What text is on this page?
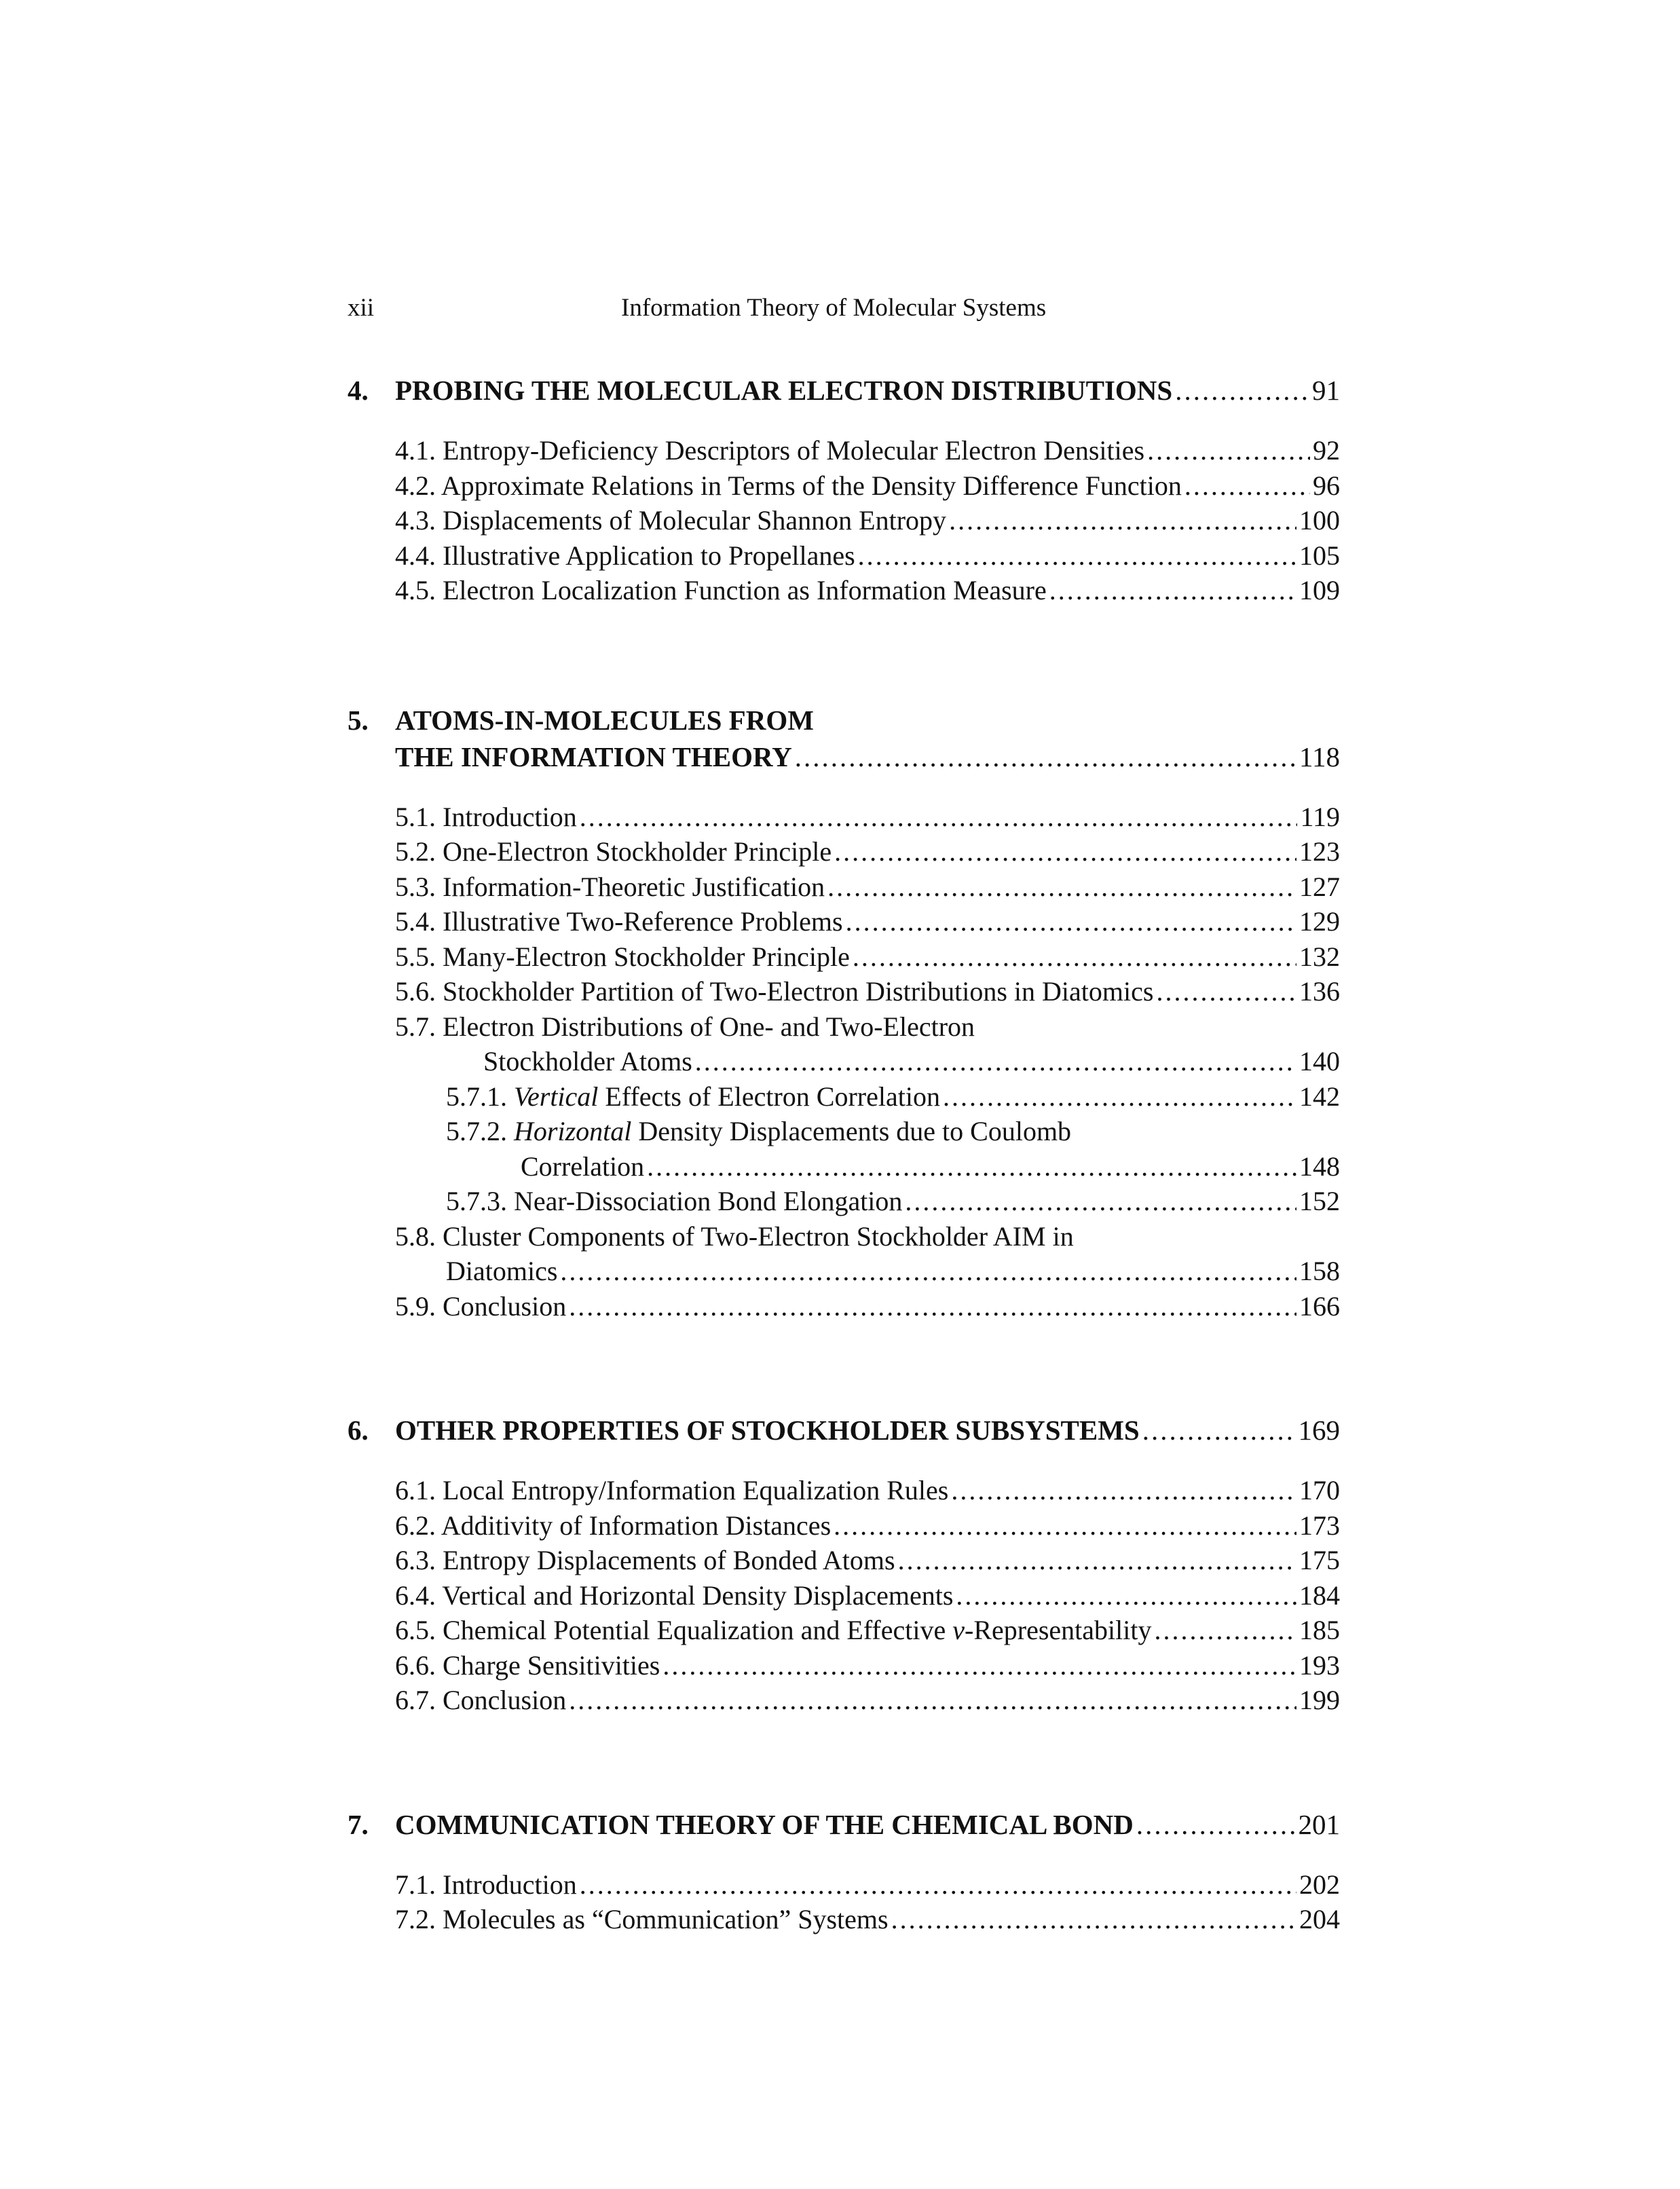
xii	Information Theory of Molecular Systems
4. PROBING THE MOLECULAR ELECTRON DISTRIBUTIONS .....	91
4.1. Entropy-Deficiency Descriptors of Molecular Electron Densities .....	92
4.2. Approximate Relations in Terms of the Density Difference Function .....	96
4.3. Displacements of Molecular Shannon Entropy .....	100
4.4. Illustrative Application to Propellanes .....	105
4.5. Electron Localization Function as Information Measure .....	109
5. ATOMS-IN-MOLECULES FROM
THE INFORMATION THEORY .....	118
5.1. Introduction .....	119
5.2. One-Electron Stockholder Principle .....	123
5.3. Information-Theoretic Justification .....	127
5.4. Illustrative Two-Reference Problems .....	129
5.5. Many-Electron Stockholder Principle .....	132
5.6. Stockholder Partition of Two-Electron Distributions in Diatomics .....	136
5.7. Electron Distributions of One- and Two-Electron
Stockholder Atoms .....	140
5.7.1. Vertical Effects of Electron Correlation .....	142
5.7.2. Horizontal Density Displacements due to Coulomb
Correlation .....	148
5.7.3. Near-Dissociation Bond Elongation .....	152
5.8. Cluster Components of Two-Electron Stockholder AIM in
Diatomics .....	158
5.9. Conclusion .....	166
6. OTHER PROPERTIES OF STOCKHOLDER SUBSYSTEMS .....	169
6.1. Local Entropy/Information Equalization Rules .....	170
6.2. Additivity of Information Distances .....	173
6.3. Entropy Displacements of Bonded Atoms .....	175
6.4. Vertical and Horizontal Density Displacements .....	184
6.5. Chemical Potential Equalization and Effective v-Representability .....	185
6.6. Charge Sensitivities .....	193
6.7. Conclusion .....	199
7. COMMUNICATION THEORY OF THE CHEMICAL BOND .....	201
7.1. Introduction .....	202
7.2. Molecules as “Communication” Systems .....	204
